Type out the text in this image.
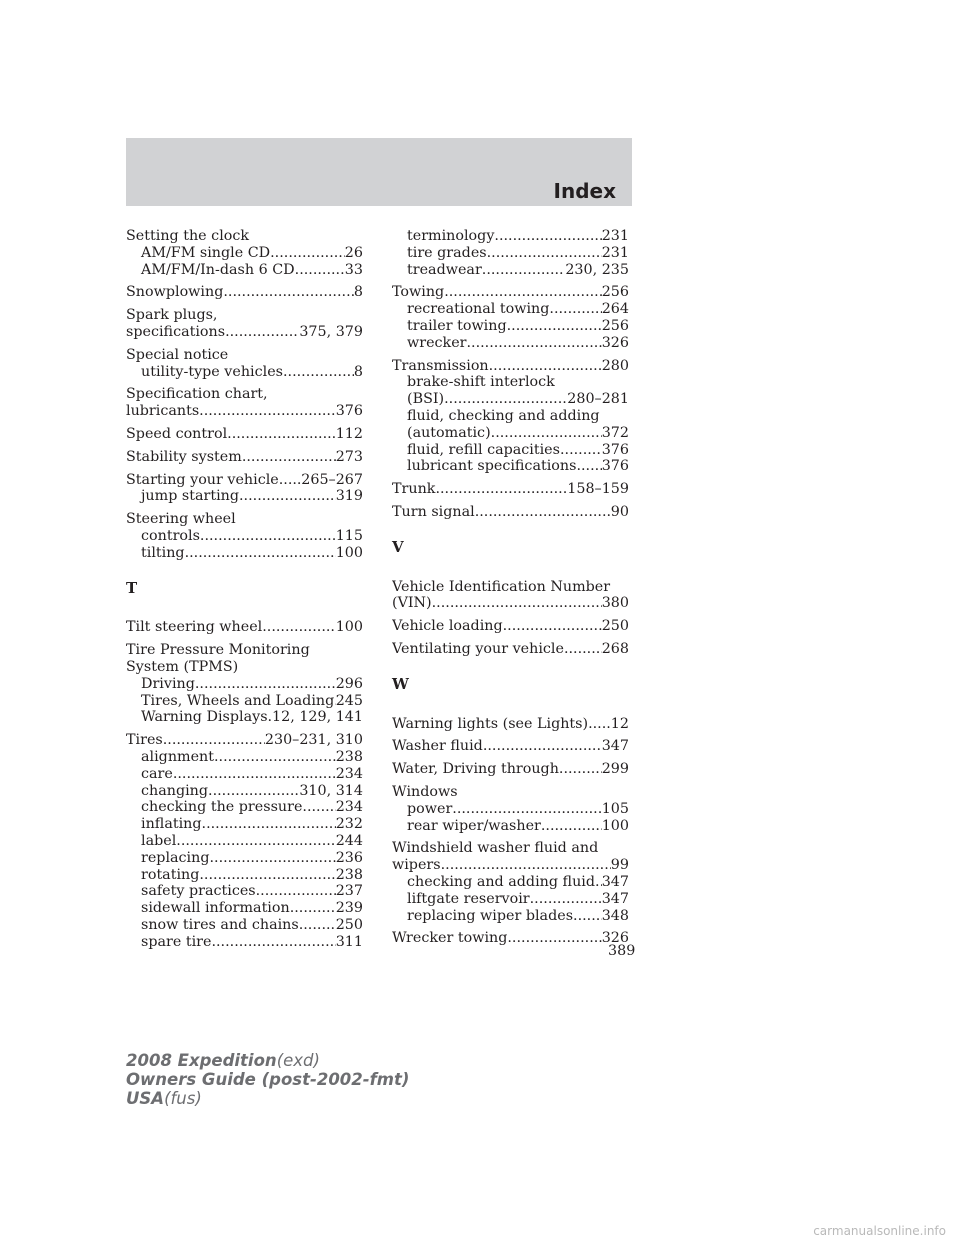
Index
Setting the clock
AM/FM single CD .....	26
AM/FM/In-dash 6 CD .....	33
Snowplowing .....	8
Spark plugs,
specifications .....	375, 379
Special notice
utility-type vehicles .....	8
Specification chart,
lubricants .....	376
Speed control .....	112
Stability system .....	273
Starting your vehicle ..... 265–267
jump starting .....	319
Steering wheel
controls .....	115
tilting .....	100
T
Tilt steering wheel .....	100
Tire Pressure Monitoring
System (TPMS)
Driving .....	296
Tires, Wheels and Loading ..... 245
Warning Displays ..... 12, 129, 141
Tires .....	230–231, 310
alignment .....	238
care .....	234
changing .....	310, 314
checking the pressure ..... 234
inflating .....	232
label .....	244
replacing .....	236
rotating .....	238
safety practices .....	237
sidewall information .....	239
snow tires and chains .....	250
spare tire .....	311
terminology .....	231
tire grades .....	231
treadwear .....	230, 235
Towing .....	256
recreational towing .....	264
trailer towing .....	256
wrecker .....	326
Transmission .....	280
brake-shift interlock
(BSI) .....	280–281
fluid, checking and adding
(automatic) .....	372
fluid, refill capacities .....	376
lubricant specifications ..... 376
Trunk .....	158–159
Turn signal .....	90
V
Vehicle Identification Number
(VIN) .....	380
Vehicle loading .....	250
Ventilating your vehicle .....	268
W
Warning lights (see Lights) ..... 12
Washer fluid .....	347
Water, Driving through .....	299
Windows
power .....	105
rear wiper/washer .....	100
Windshield washer fluid and
wipers .....	99
checking and adding fluid ..... 347
liftgate reservoir .....	347
replacing wiper blades ..... 348
Wrecker towing .....	326
389
2008 Expedition(exd)
Owners Guide (post-2002-fmt)
USA(fus)
carmanualsonline.info
